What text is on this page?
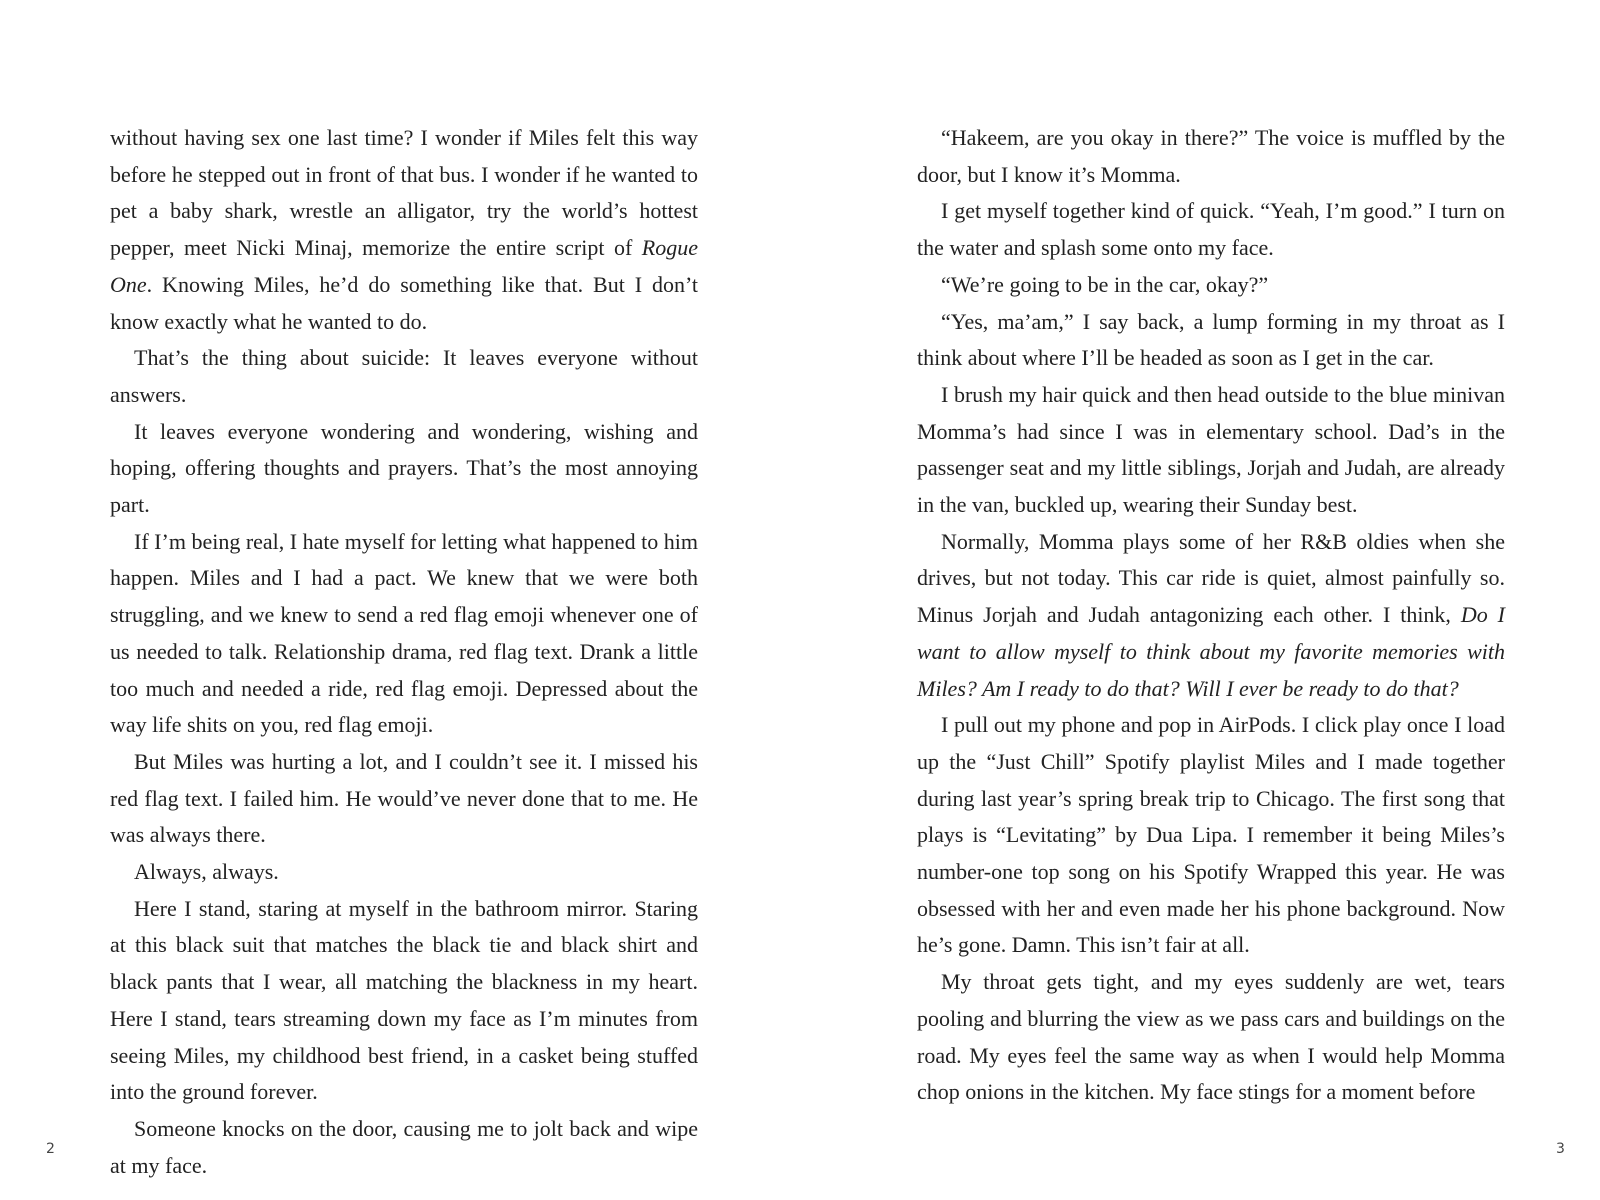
without having sex one last time? I wonder if Miles felt this way before he stepped out in front of that bus. I wonder if he wanted to pet a baby shark, wrestle an alligator, try the world’s hottest pepper, meet Nicki Minaj, memorize the entire script of Rogue One. Knowing Miles, he’d do something like that. But I don’t know exactly what he wanted to do.

That’s the thing about suicide: It leaves everyone without answers.

It leaves everyone wondering and wondering, wishing and hoping, offering thoughts and prayers. That’s the most annoying part.

If I’m being real, I hate myself for letting what happened to him happen. Miles and I had a pact. We knew that we were both struggling, and we knew to send a red flag emoji whenever one of us needed to talk. Relationship drama, red flag text. Drank a little too much and needed a ride, red flag emoji. Depressed about the way life shits on you, red flag emoji.

But Miles was hurting a lot, and I couldn’t see it. I missed his red flag text. I failed him. He would’ve never done that to me. He was always there.

Always, always.

Here I stand, staring at myself in the bathroom mirror. Staring at this black suit that matches the black tie and black shirt and black pants that I wear, all matching the blackness in my heart. Here I stand, tears streaming down my face as I’m minutes from seeing Miles, my childhood best friend, in a casket being stuffed into the ground forever.

Someone knocks on the door, causing me to jolt back and wipe at my face.

“Hakeem, are you okay in there?” The voice is muffled by the door, but I know it’s Momma.

I get myself together kind of quick. “Yeah, I’m good.” I turn on the water and splash some onto my face.

“We’re going to be in the car, okay?”

“Yes, ma’am,” I say back, a lump forming in my throat as I think about where I’ll be headed as soon as I get in the car.

I brush my hair quick and then head outside to the blue minivan Momma’s had since I was in elementary school. Dad’s in the passenger seat and my little siblings, Jorjah and Judah, are already in the van, buckled up, wearing their Sunday best.

Normally, Momma plays some of her R&B oldies when she drives, but not today. This car ride is quiet, almost painfully so. Minus Jorjah and Judah antagonizing each other. I think, Do I want to allow myself to think about my favorite memories with Miles? Am I ready to do that? Will I ever be ready to do that?

I pull out my phone and pop in AirPods. I click play once I load up the “Just Chill” Spotify playlist Miles and I made together during last year’s spring break trip to Chicago. The first song that plays is “Levitating” by Dua Lipa. I remember it being Miles’s number-one top song on his Spotify Wrapped this year. He was obsessed with her and even made her his phone background. Now he’s gone. Damn. This isn’t fair at all.

My throat gets tight, and my eyes suddenly are wet, tears pooling and blurring the view as we pass cars and buildings on the road. My eyes feel the same way as when I would help Momma chop onions in the kitchen. My face stings for a moment before

2	3
